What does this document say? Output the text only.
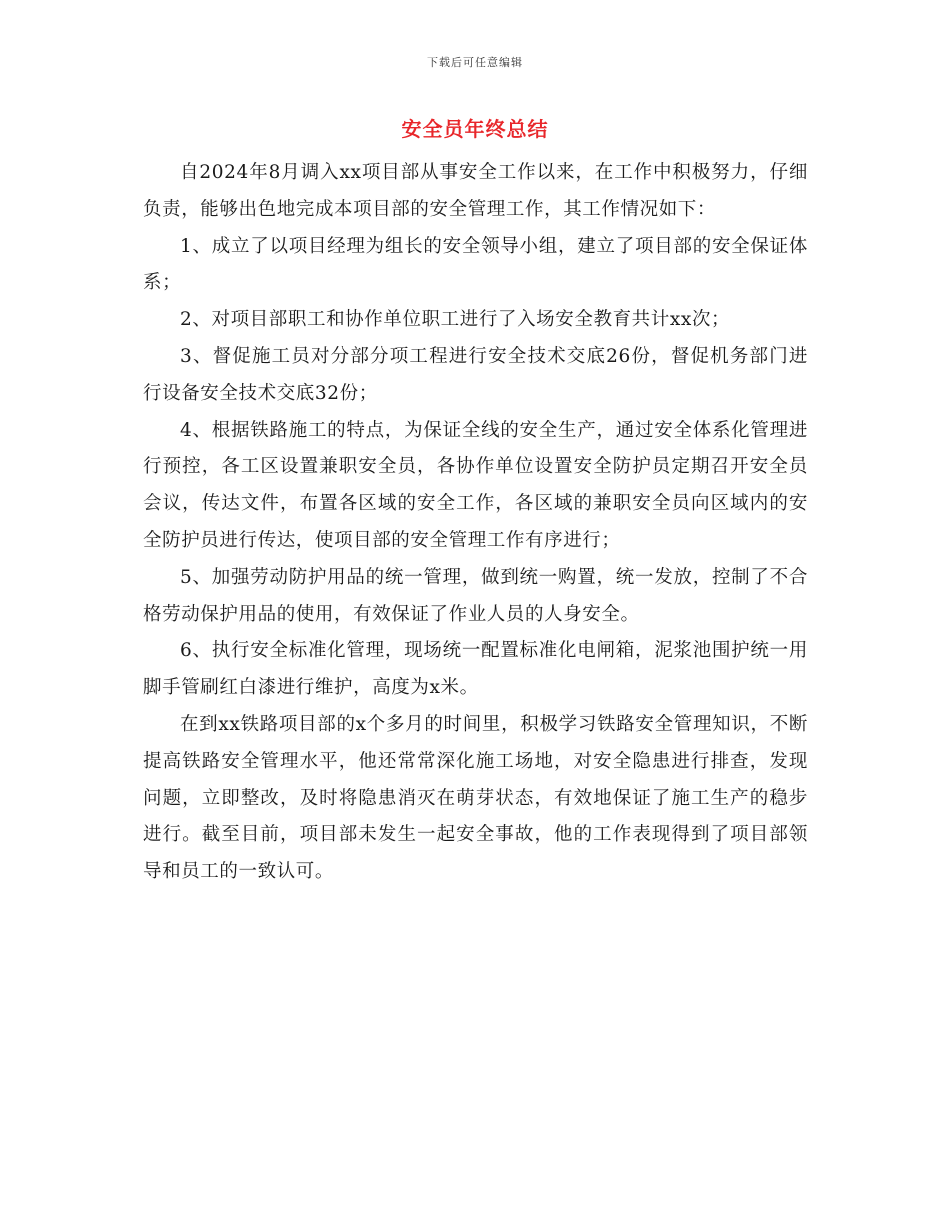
下载后可任意编辑
安全员年终总结

自2024年8月调入xx项目部从事安全工作以来，在工作中积极努力，仔细负责，能够出色地完成本项目部的安全管理工作，其工作情况如下：

1、成立了以项目经理为组长的安全领导小组，建立了项目部的安全保证体系；

2、对项目部职工和协作单位职工进行了入场安全教育共计xx次；

3、督促施工员对分部分项工程进行安全技术交底26份，督促机务部门进行设备安全技术交底32份；

4、根据铁路施工的特点，为保证全线的安全生产，通过安全体系化管理进行预控，各工区设置兼职安全员，各协作单位设置安全防护员定期召开安全员会议，传达文件，布置各区域的安全工作，各区域的兼职安全员向区域内的安全防护员进行传达，使项目部的安全管理工作有序进行；

5、加强劳动防护用品的统一管理，做到统一购置，统一发放，控制了不合格劳动保护用品的使用，有效保证了作业人员的人身安全。

6、执行安全标准化管理，现场统一配置标准化电闸箱，泥浆池围护统一用脚手管刷红白漆进行维护，高度为x米。

在到xx铁路项目部的x个多月的时间里，积极学习铁路安全管理知识，不断提高铁路安全管理水平，他还常常深化施工场地，对安全隐患进行排查，发现问题，立即整改，及时将隐患消灭在萌芽状态，有效地保证了施工生产的稳步进行。截至目前，项目部未发生一起安全事故，他的工作表现得到了项目部领导和员工的一致认可。
